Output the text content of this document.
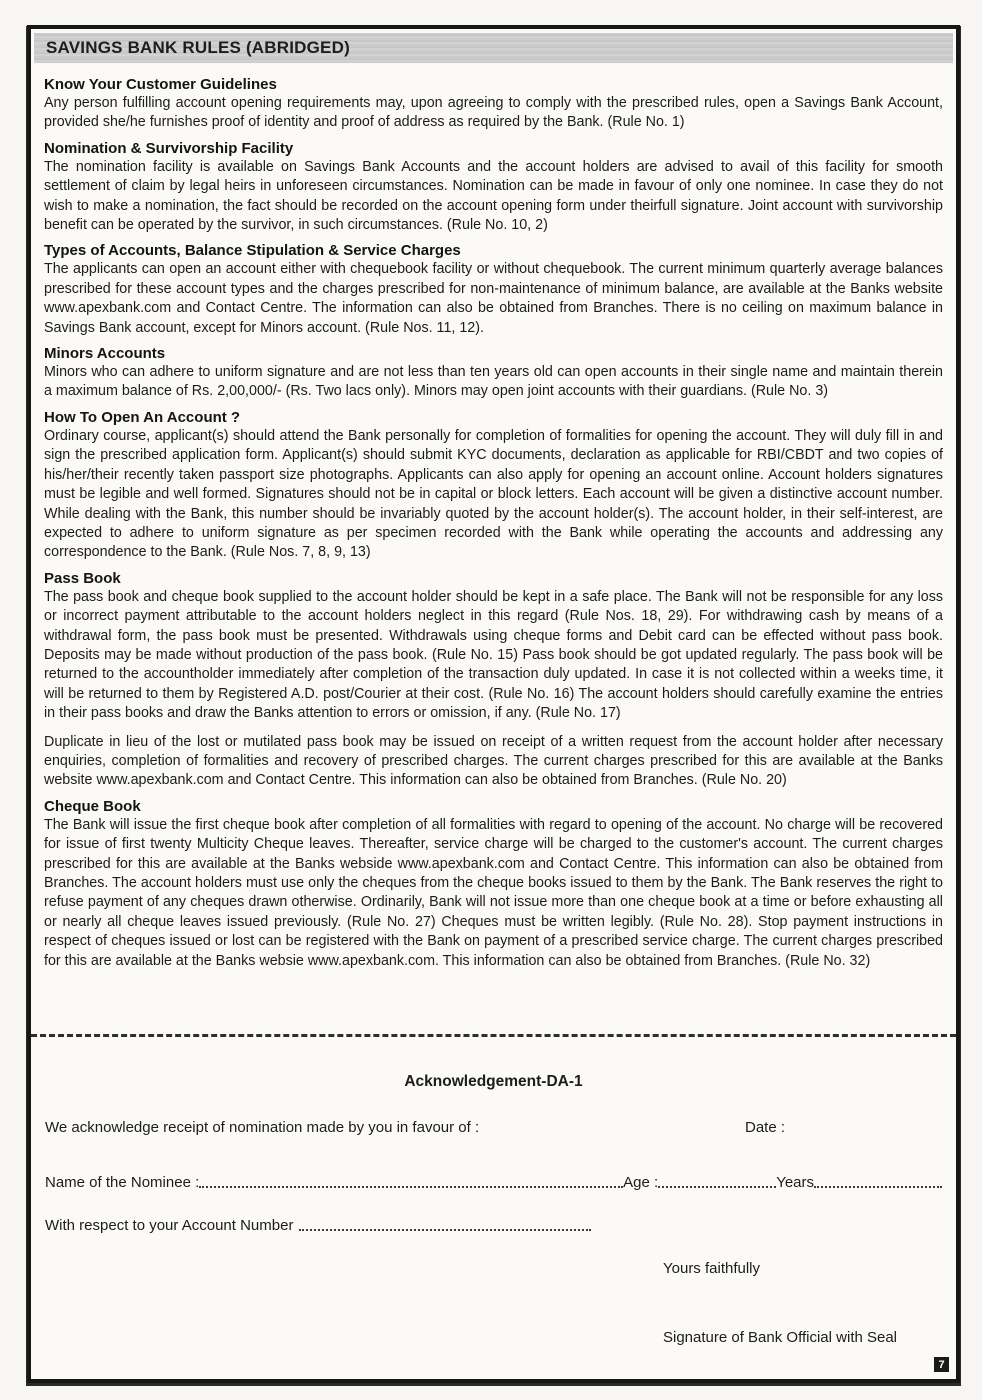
SAVINGS BANK RULES (ABRIDGED)
Know Your Customer Guidelines

Any person fulfilling account opening requirements may, upon agreeing to comply with the prescribed rules, open a Savings Bank Account, provided she/he furnishes proof of identity and proof of address as required by the Bank. (Rule No. 1)

Nomination & Survivorship Facility

The nomination facility is available on Savings Bank Accounts and the account holders are advised to avail of this facility for smooth settlement of claim by legal heirs in unforeseen circumstances. Nomination can be made in favour of only one nominee. In case they do not wish to make a nomination, the fact should be recorded on the account opening form under theirfull signature. Joint account with survivorship benefit can be operated by the survivor, in such circumstances. (Rule No. 10, 2)

Types of Accounts, Balance Stipulation & Service Charges

The applicants can open an account either with chequebook facility or without chequebook. The current minimum quarterly average balances prescribed for these account types and the charges prescribed for non-maintenance of minimum balance, are available at the Banks website www.apexbank.com and Contact Centre. The information can also be obtained from Branches. There is no ceiling on maximum balance in Savings Bank account, except for Minors account. (Rule Nos. 11, 12).

Minors Accounts

Minors who can adhere to uniform signature and are not less than ten years old can open accounts in their single name and maintain therein a maximum balance of Rs. 2,00,000/- (Rs. Two lacs only). Minors may open joint accounts with their guardians. (Rule No. 3)

How To Open An Account ?

Ordinary course, applicant(s) should attend the Bank personally for completion of formalities for opening the account. They will duly fill in and sign the prescribed application form. Applicant(s) should submit KYC documents, declaration as applicable for RBI/CBDT and two copies of his/her/their recently taken passport size photographs. Applicants can also apply for opening an account online. Account holders signatures must be legible and well formed. Signatures should not be in capital or block letters. Each account will be given a distinctive account number. While dealing with the Bank, this number should be invariably quoted by the account holder(s). The account holder, in their self-interest, are expected to adhere to uniform signature as per specimen recorded with the Bank while operating the accounts and addressing any correspondence to the Bank. (Rule Nos. 7, 8, 9, 13)

Pass Book

The pass book and cheque book supplied to the account holder should be kept in a safe place. The Bank will not be responsible for any loss or incorrect payment attributable to the account holders neglect in this regard (Rule Nos. 18, 29). For withdrawing cash by means of a withdrawal form, the pass book must be presented. Withdrawals using cheque forms and Debit card can be effected without pass book. Deposits may be made without production of the pass book. (Rule No. 15) Pass book should be got updated regularly. The pass book will be returned to the accountholder immediately after completion of the transaction duly updated. In case it is not collected within a weeks time, it will be returned to them by Registered A.D. post/Courier at their cost. (Rule No. 16) The account holders should carefully examine the entries in their pass books and draw the Banks attention to errors or omission, if any. (Rule No. 17)

Duplicate in lieu of the lost or mutilated pass book may be issued on receipt of a written request from the account holder after necessary enquiries, completion of formalities and recovery of prescribed charges. The current charges prescribed for this are available at the Banks website www.apexbank.com and Contact Centre. This information can also be obtained from Branches. (Rule No. 20)

Cheque Book

The Bank will issue the first cheque book after completion of all formalities with regard to opening of the account. No charge will be recovered for issue of first twenty Multicity Cheque leaves. Thereafter, service charge will be charged to the customer's account. The current charges prescribed for this are available at the Banks webside www.apexbank.com and Contact Centre. This information can also be obtained from Branches. The account holders must use only the cheques from the cheque books issued to them by the Bank. The Bank reserves the right to refuse payment of any cheques drawn otherwise. Ordinarily, Bank will not issue more than one cheque book at a time or before exhausting all or nearly all cheque leaves issued previously. (Rule No. 27) Cheques must be written legibly. (Rule No. 28). Stop payment instructions in respect of cheques issued or lost can be registered with the Bank on payment of a prescribed service charge. The current charges prescribed for this are available at the Banks websie www.apexbank.com. This information can also be obtained from Branches. (Rule No. 32)

Acknowledgement-DA-1
We acknowledge receipt of nomination made by you in favour of :	Date :
Name of the Nominee :	Age :	Years
With respect to your Account Number
Yours faithfully
Signature of Bank Official with Seal
7
